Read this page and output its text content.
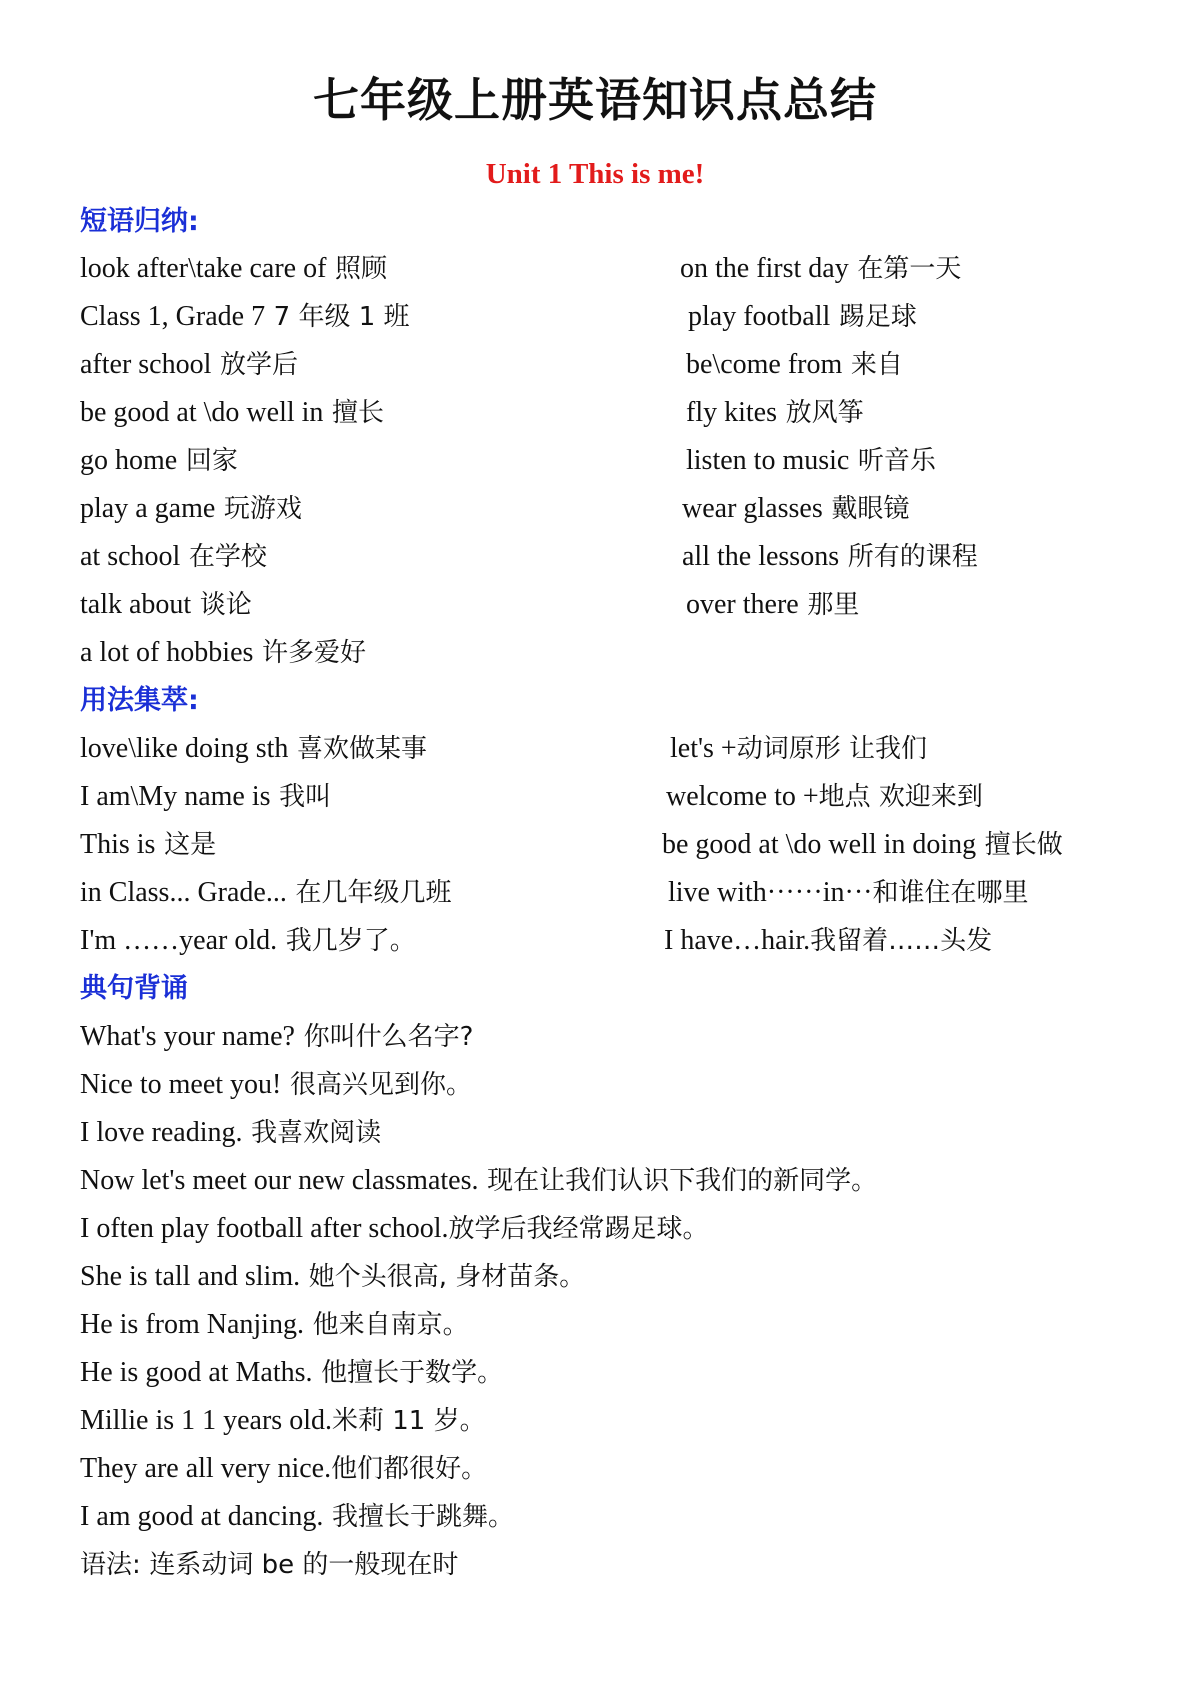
七年级上册英语知识点总结
Unit 1 This is me!
短语归纳:
look after\take care of 照顾
Class 1, Grade 7 7 年级 1 班
after school 放学后
be good at \do well in 擅长
go home 回家
play a game 玩游戏
at school 在学校
talk about 谈论
a lot of hobbies 许多爱好
on the first day 在第一天
play football 踢足球
be\come from 来自
fly kites 放风筝
listen to music 听音乐
wear glasses 戴眼镜
all the lessons 所有的课程
over there 那里
用法集萃:
love\like doing sth 喜欢做某事
I am\My name is 我叫
This is 这是
in Class... Grade... 在几年级几班
I'm ……year old. 我几岁了。
let's +动词原形 让我们
welcome to +地点 欢迎来到
be good at \do well in doing 擅长做
live with······in···和谁住在哪里
I have…hair.我留着……头发
典句背诵
What's your name? 你叫什么名字?
Nice to meet you! 很高兴见到你。
I love reading. 我喜欢阅读
Now let's meet our new classmates. 现在让我们认识下我们的新同学。
I often play football after school.放学后我经常踢足球。
She is tall and slim. 她个头很高, 身材苗条。
He is from Nanjing. 他来自南京。
He is good at Maths. 他擅长于数学。
Millie is 1 1 years old.米莉 11 岁。
They are all very nice.他们都很好。
I am good at dancing. 我擅长于跳舞。
语法: 连系动词 be 的一般现在时
